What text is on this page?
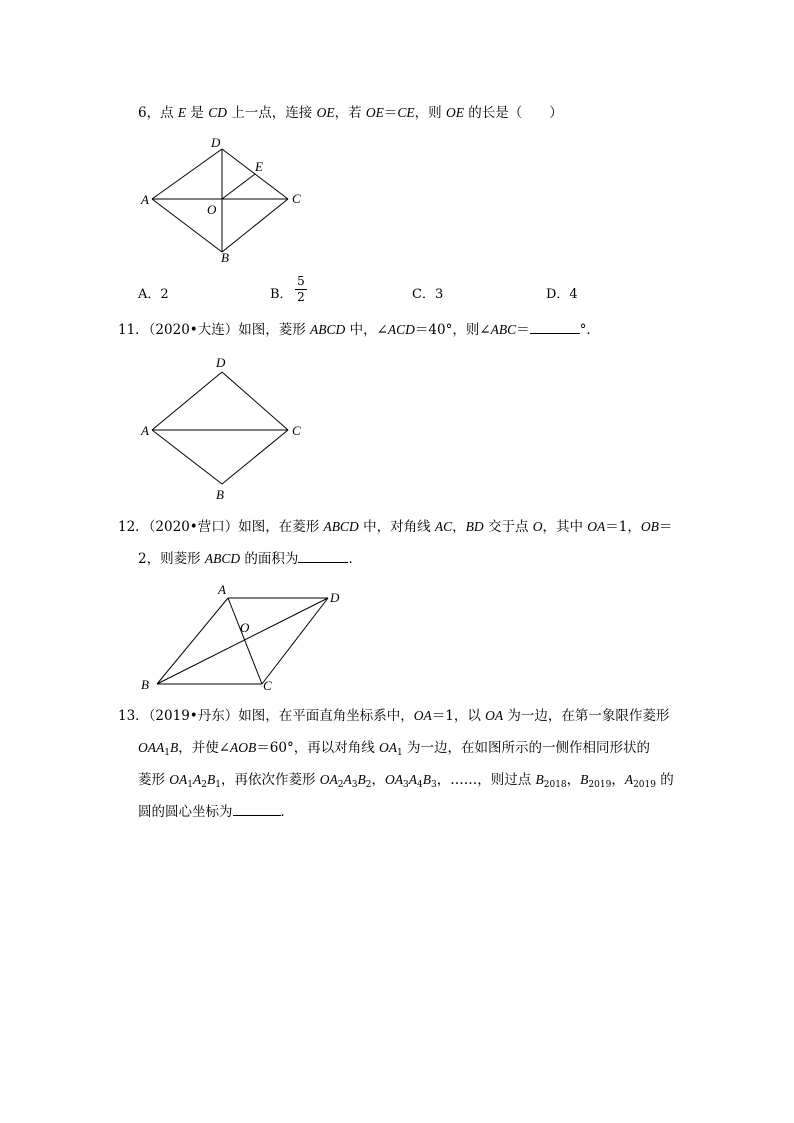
6，点 E 是 CD 上一点，连接 OE，若 OE＝CE，则 OE 的长是（　　）
D
E
A
O
C
B
D
A	C
B
A
D
O
B	C
A．2	B．
5
2	C．3	D．4
11．（2020•大连）如图，菱形 ABCD 中，∠ACD＝40°，则∠ABC＝	°．
12．（2020•营口）如图，在菱形 ABCD 中，对角线 AC，BD 交于点 O，其中 OA＝1，OB＝
2，则菱形 ABCD 的面积为	．
13．（2019•丹东）如图，在平面直角坐标系中，OA＝1，以 OA 为一边，在第一象限作菱形
$OAA_1B$，并使∠AOB＝60°，再以对角线 $OA_1$ 为一边，在如图所示的一侧作相同形状的
菱形 $OA_1A_2B_1$，再依次作菱形 $OA_2A_3B_2$，$OA_3A_4B_3$，……，则过点 $B_{2018}$，$B_{2019}$，$A_{2019}$ 的
圆的圆心坐标为	．
